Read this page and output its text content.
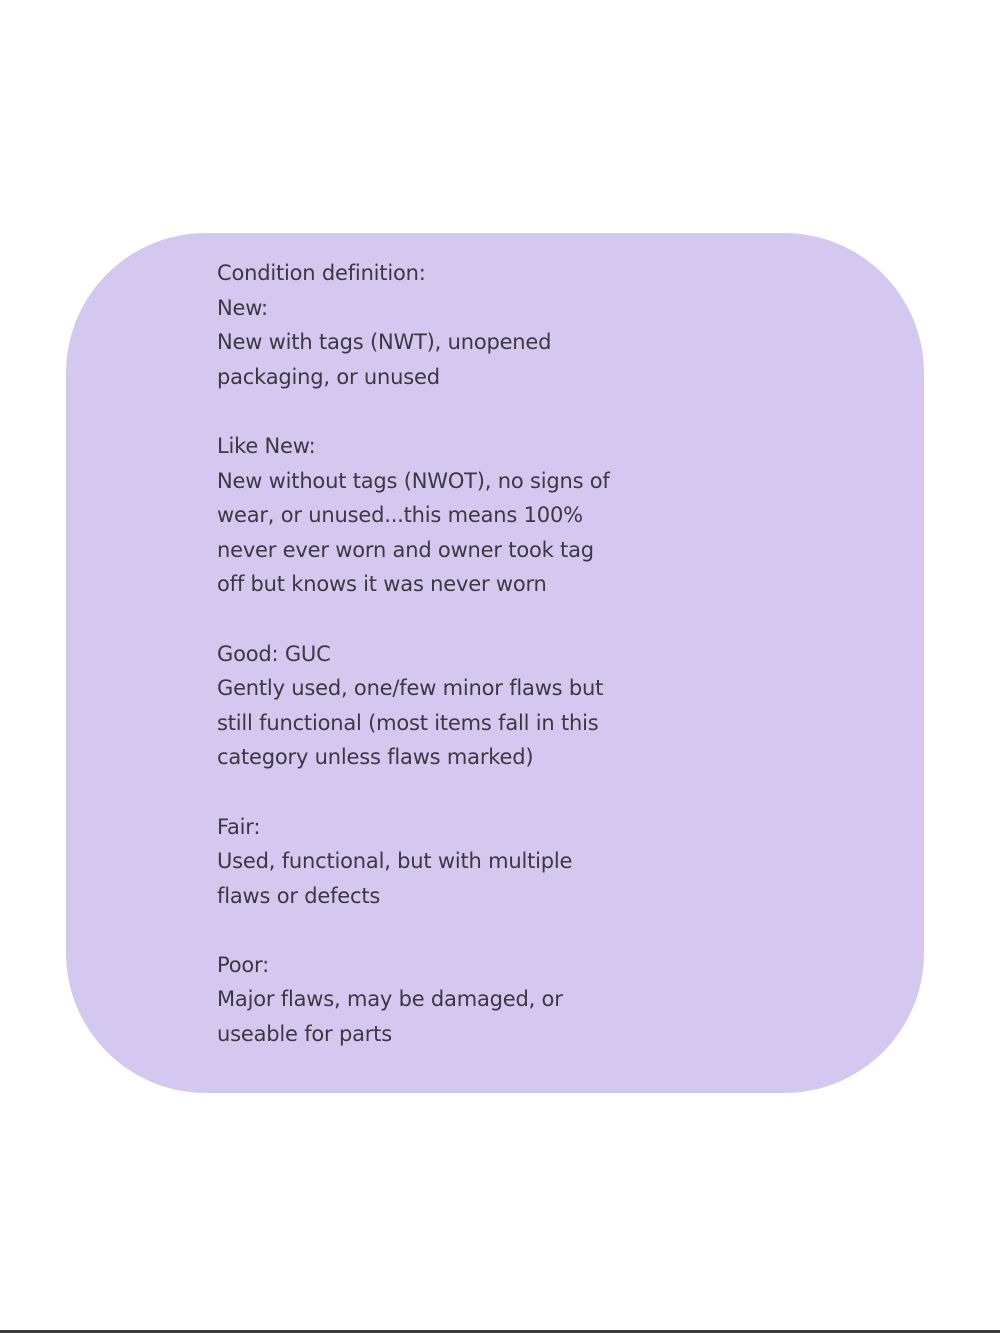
Condition definition:
New:
New with tags (NWT), unopened
packaging, or unused
Like New:
New without tags (NWOT), no signs of
wear, or unused...this means 100%
never ever worn and owner took tag
off but knows it was never worn
Good: GUC
Gently used, one/few minor flaws but
still functional (most items fall in this
category unless flaws marked)
Fair:
Used, functional, but with multiple
flaws or defects
Poor:
Major flaws, may be damaged, or
useable for parts
